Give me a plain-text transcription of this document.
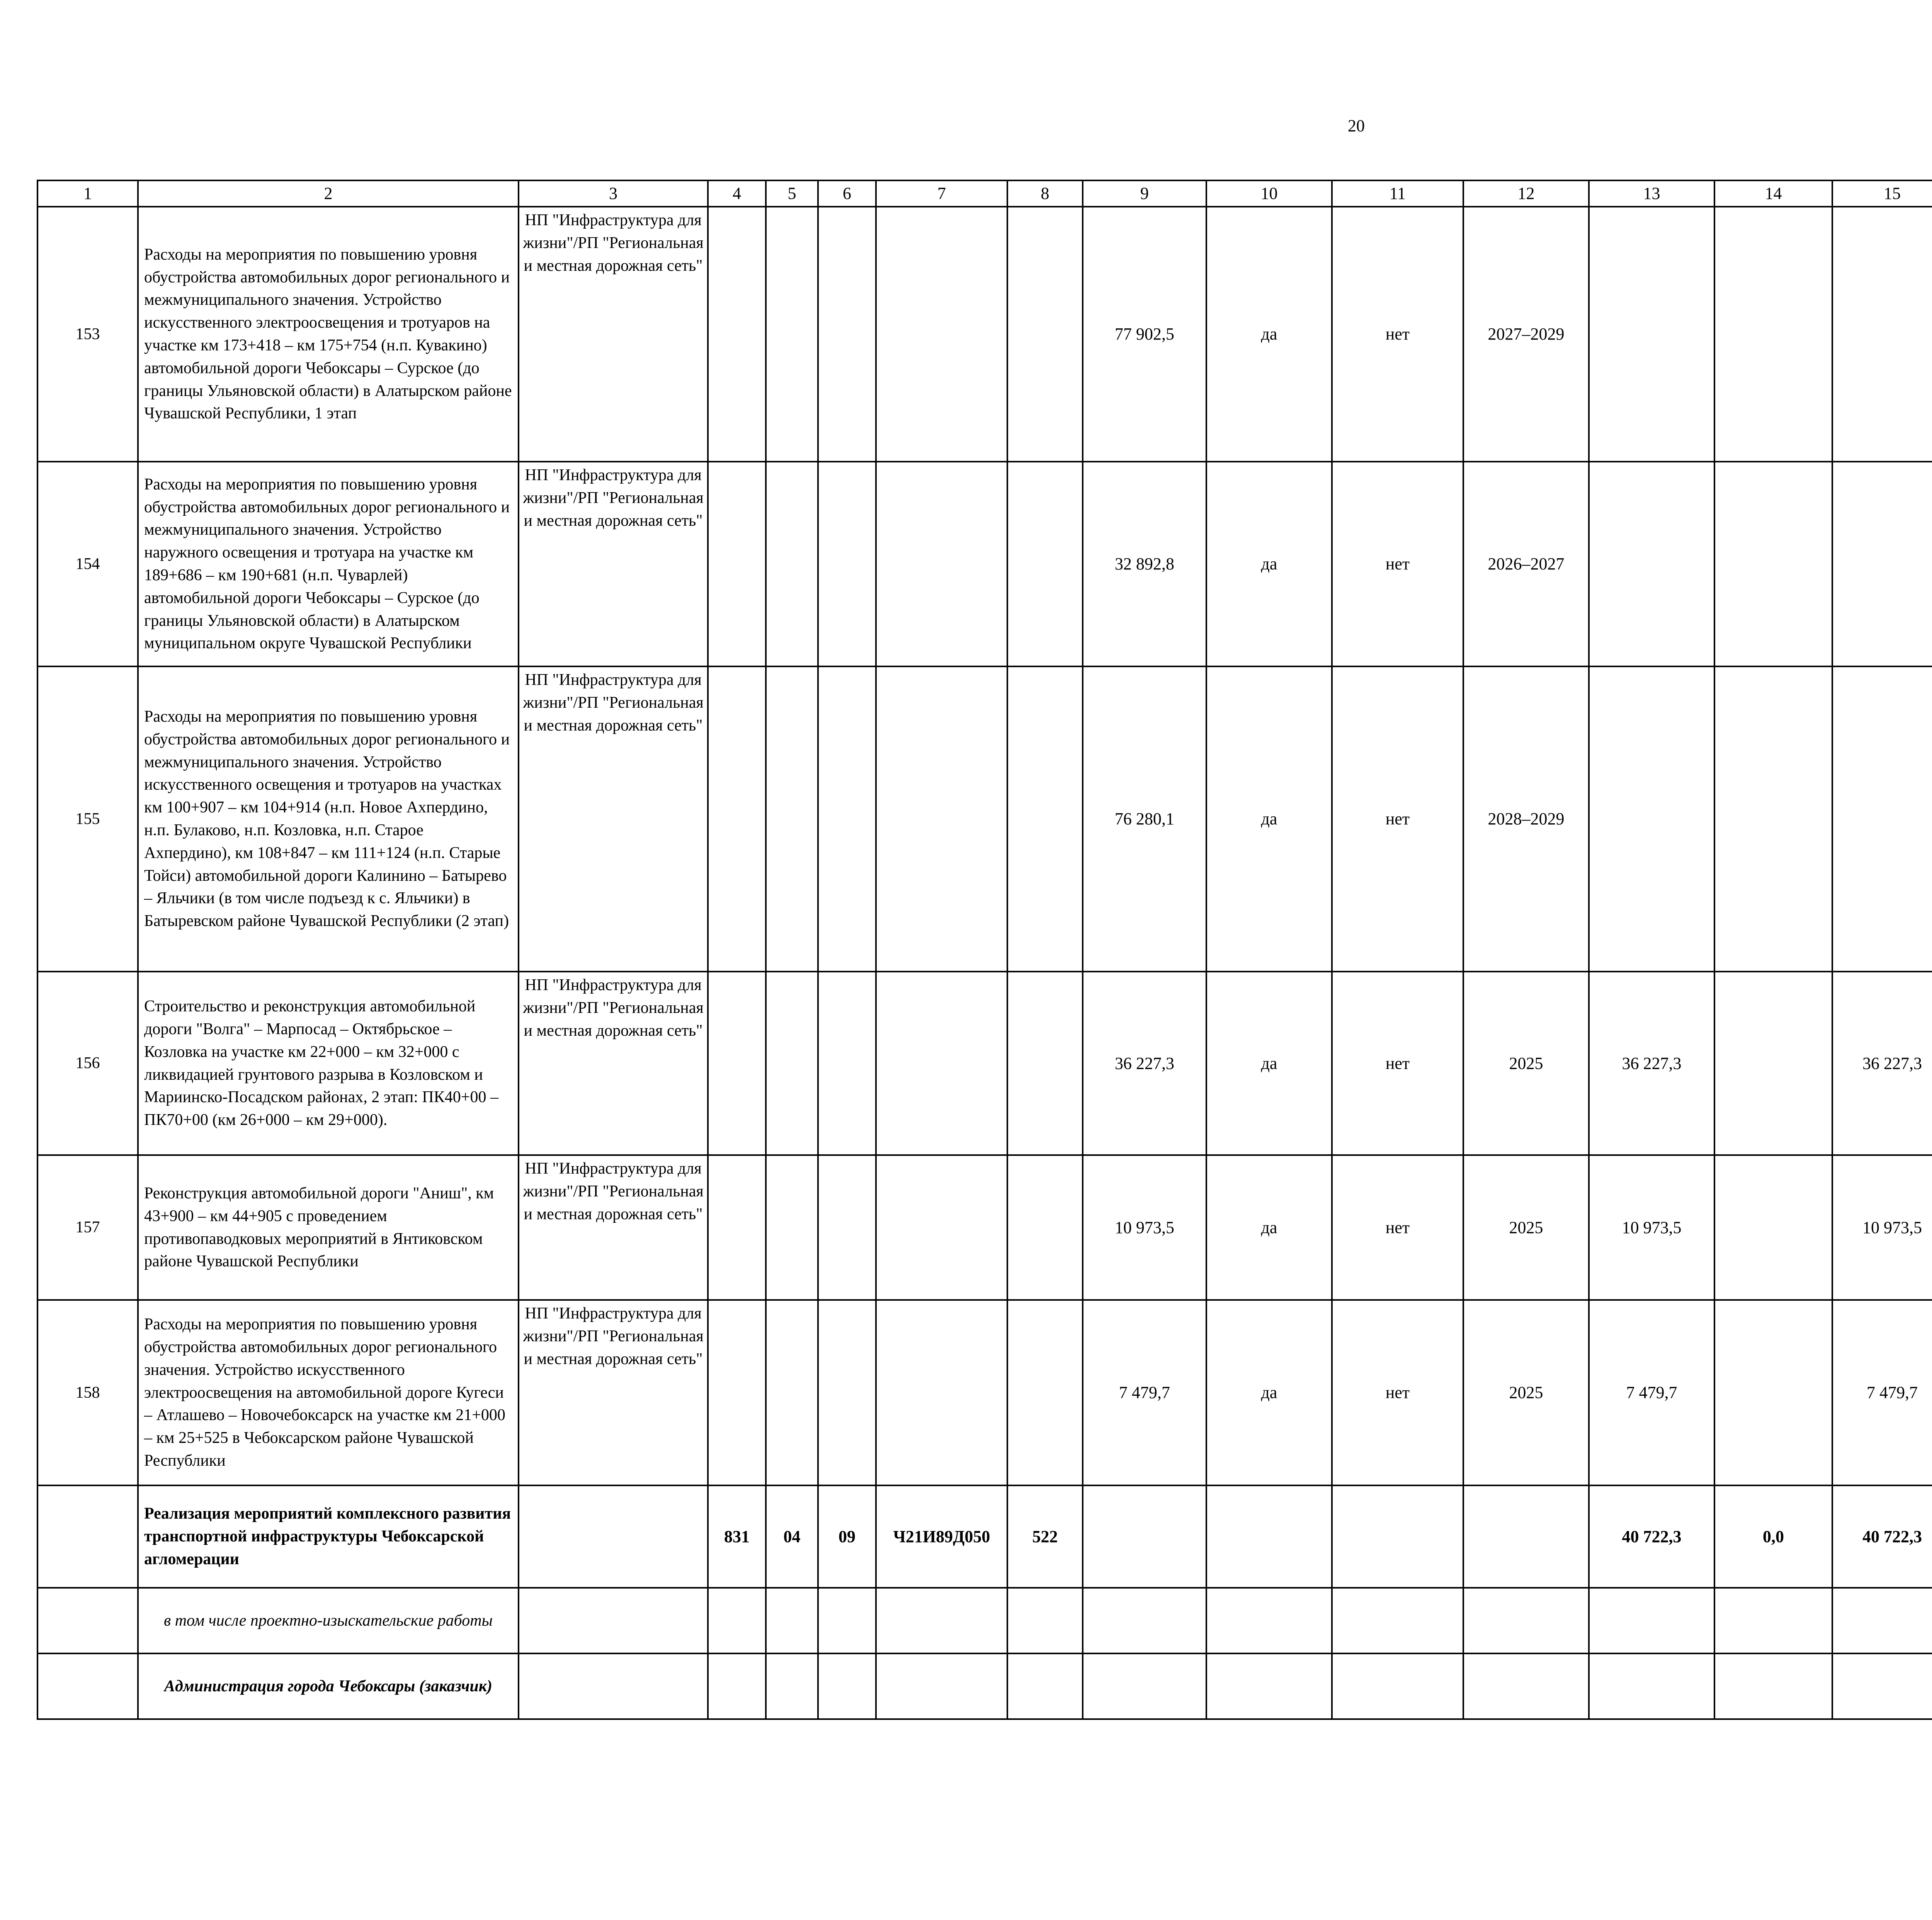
20
1	2	3	4	5	6	7	8	9	10	11	12	13	14	15						
153	Расходы на мероприятия по повышению уровня обустройства автомобильных дорог регионального и межмуниципального значения. Устройство искусственного электроосвещения и тротуаров на участке км 173+418 – км 175+754 (н.п. Кувакино) автомобильной дороги Чебоксары – Сурское (до границы Ульяновской области) в Алатырском районе Чувашской Республики, 1 этап	НП "Инфраструктура для жизни"/РП "Региональная и местная дорожная сеть"						77 902,5	да	нет	2027–2029									
154	Расходы на мероприятия по повышению уровня обустройства автомобильных дорог регионального и межмуниципального значения. Устройство наружного освещения и тротуара на участке км 189+686 – км 190+681 (н.п. Чуварлей) автомобильной дороги Чебоксары – Сурское (до границы Ульяновской области) в Алатырском муниципальном округе Чувашской Республики	НП "Инфраструктура для жизни"/РП "Региональная и местная дорожная сеть"						32 892,8	да	нет	2026–2027									
155	Расходы на мероприятия по повышению уровня обустройства автомобильных дорог регионального и межмуниципального значения. Устройство искусственного освещения и тротуаров на участках км 100+907 – км 104+914 (н.п. Новое Ахпердино, н.п. Булаково, н.п. Козловка, н.п. Старое Ахпердино), км 108+847 – км 111+124 (н.п. Старые Тойси) автомобильной дороги Калинино – Батырево – Яльчики (в том числе подъезд к с. Яльчики) в Батыревском районе Чувашской Республики (2 этап)	НП "Инфраструктура для жизни"/РП "Региональная и местная дорожная сеть"						76 280,1	да	нет	2028–2029									
156	Строительство и реконструкция автомобильной дороги "Волга" – Марпосад – Октябрьское – Козловка на участке км 22+000 – км 32+000 с ликвидацией грунтового разрыва в Козловском и Мариинско-Посадском районах, 2 этап: ПК40+00 – ПК70+00 (км 26+000 – км 29+000).	НП "Инфраструктура для жизни"/РП "Региональная и местная дорожная сеть"						36 227,3	да	нет	2025	36 227,3		36 227,3						
157	Реконструкция автомобильной дороги "Аниш", км 43+900 – км 44+905 с проведением противопаводковых мероприятий в Янтиковском районе Чувашской Республики	НП "Инфраструктура для жизни"/РП "Региональная и местная дорожная сеть"						10 973,5	да	нет	2025	10 973,5		10 973,5						
158	Расходы на мероприятия по повышению уровня обустройства автомобильных дорог регионального значения. Устройство искусственного электроосвещения на автомобильной дороге Кугеси – Атлашево – Новочебоксарск на участке км 21+000 – км 25+525 в Чебоксарском районе Чувашской Республики	НП "Инфраструктура для жизни"/РП "Региональная и местная дорожная сеть"						7 479,7	да	нет	2025	7 479,7		7 479,7						
	Реализация мероприятий комплексного развития транспортной инфраструктуры Чебоксарской агломерации		831	04	09	Ч21И89Д050	522					40 722,3	0,0	40 722,3						
	в том числе проектно-изыскательские работы																			
	Администрация города Чебоксары (заказчик)																			
